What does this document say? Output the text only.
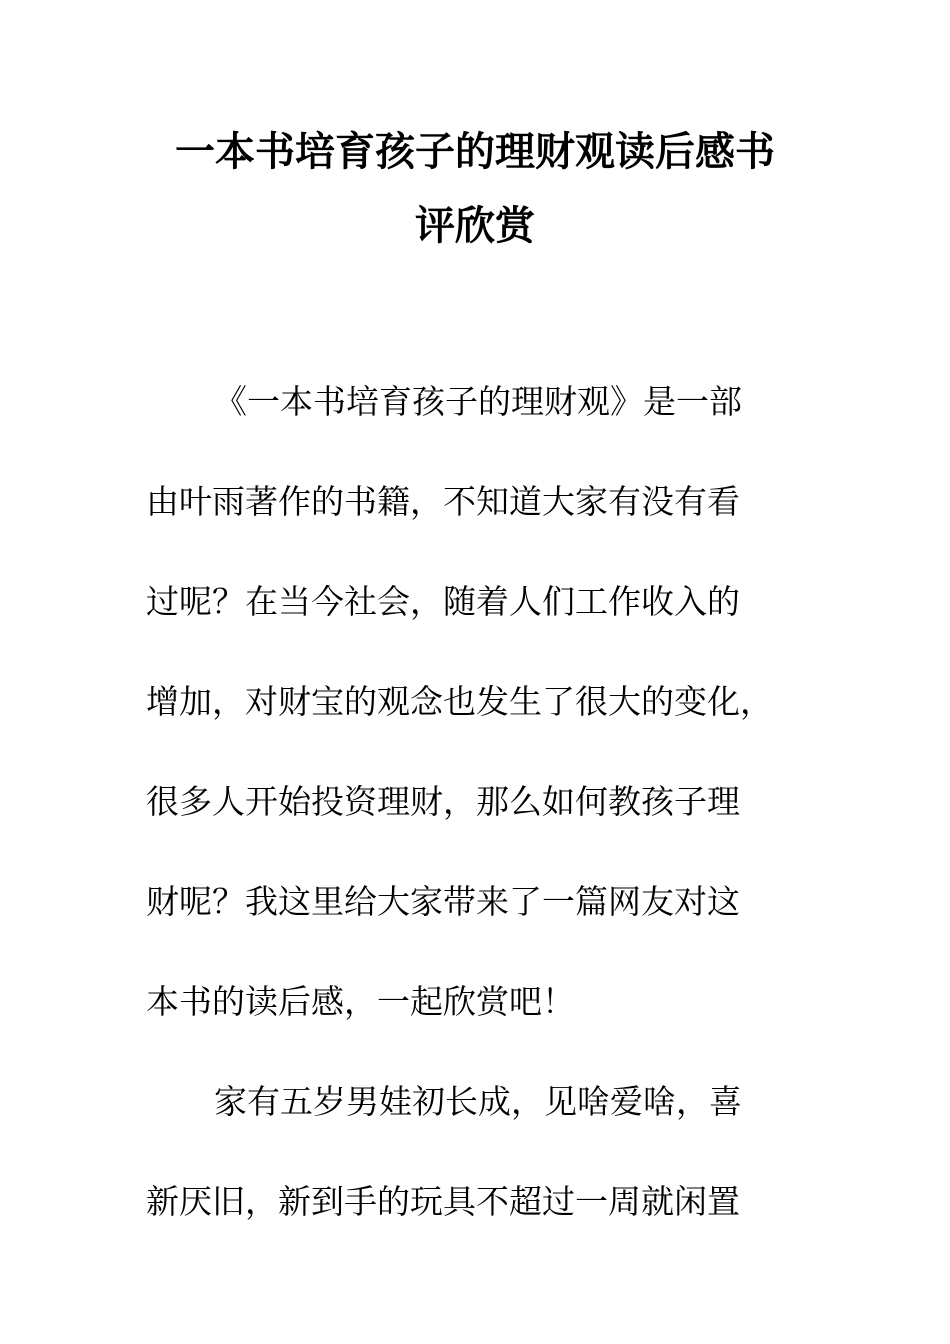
一本书培育孩子的理财观读后感书
评欣赏
《一本书培育孩子的理财观》是一部
由叶雨著作的书籍，不知道大家有没有看
过呢？在当今社会，随着人们工作收入的
增加，对财宝的观念也发生了很大的变化，
很多人开始投资理财，那么如何教孩子理
财呢？我这里给大家带来了一篇网友对这
本书的读后感，一起欣赏吧！
家有五岁男娃初长成，见啥爱啥，喜
新厌旧，新到手的玩具不超过一周就闲置
